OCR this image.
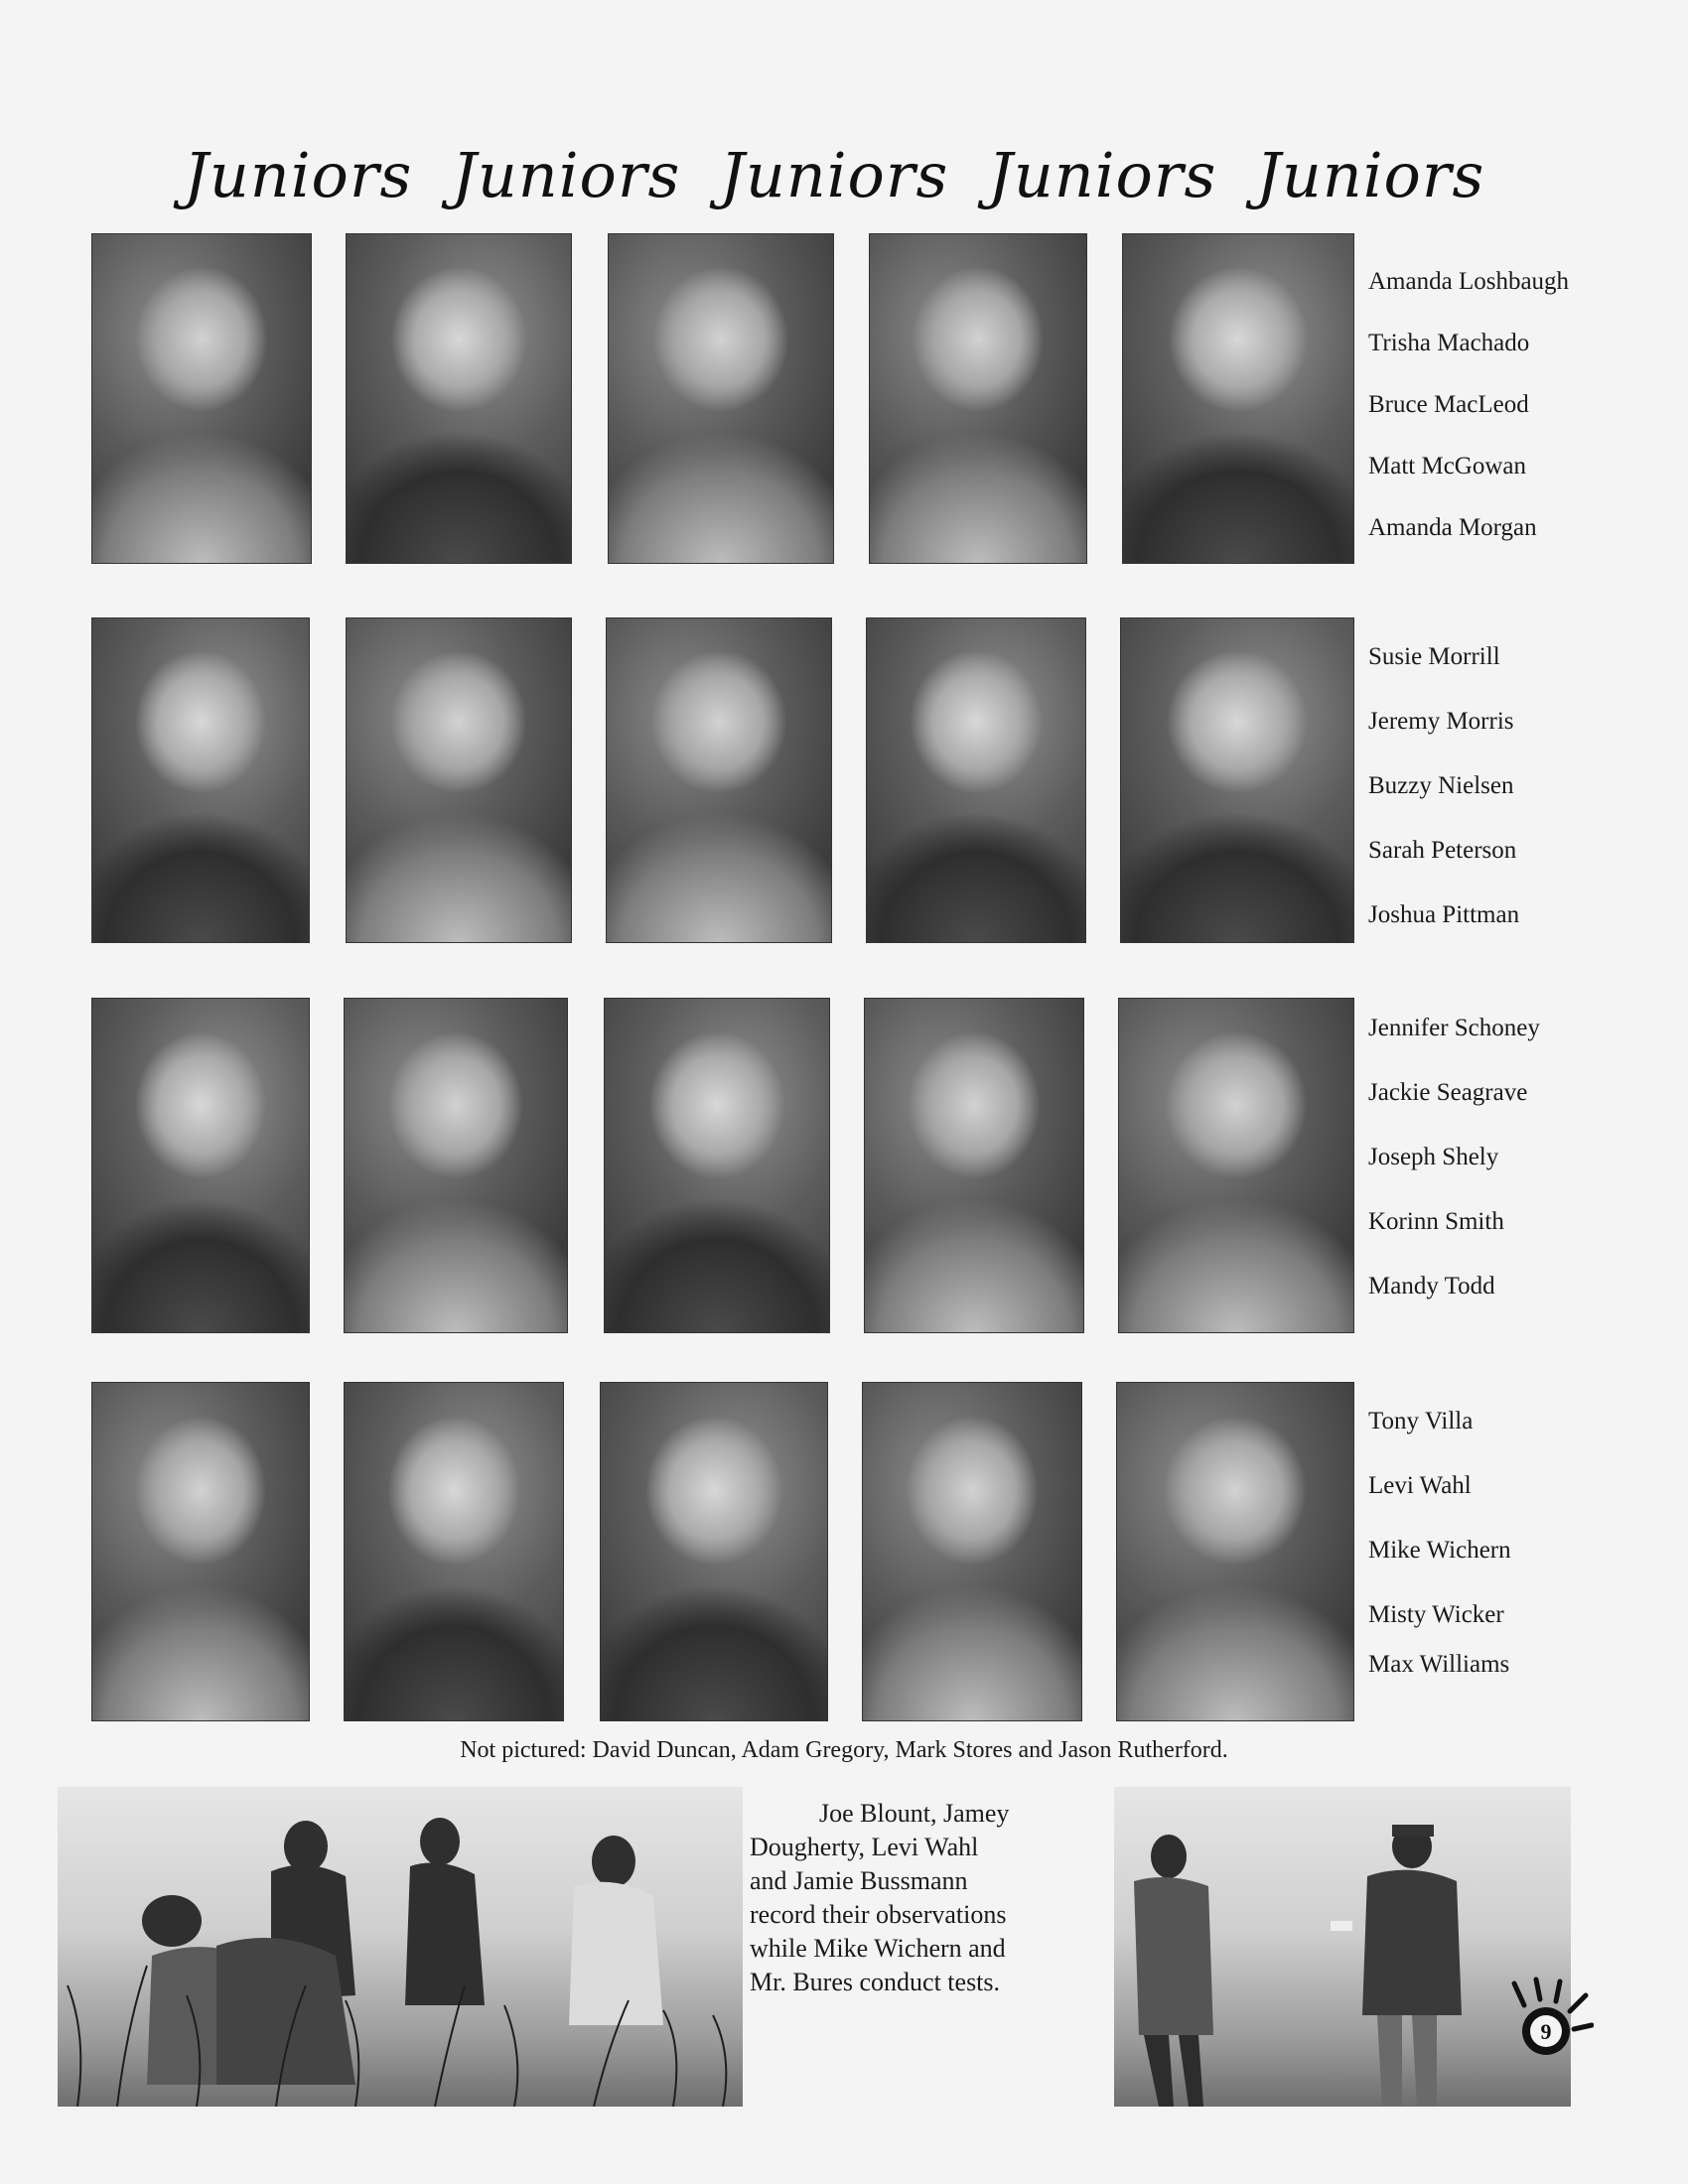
Juniors Juniors Juniors Juniors Juniors
Amanda Loshbaugh
Trisha Machado
Bruce MacLeod
Matt McGowan
Amanda Morgan
Susie Morrill
Jeremy Morris
Buzzy Nielsen
Sarah Peterson
Joshua Pittman
Jennifer Schoney
Jackie Seagrave
Joseph Shely
Korinn Smith
Mandy Todd
Tony Villa
Levi Wahl
Mike Wichern
Misty Wicker
Max Williams
Not pictured: David Duncan, Adam Gregory, Mark Stores and Jason Rutherford.
Joe Blount, Jamey
Dougherty, Levi Wahl
and Jamie Bussmann
record their observations
while Mike Wichern and
Mr. Bures conduct tests.
9
